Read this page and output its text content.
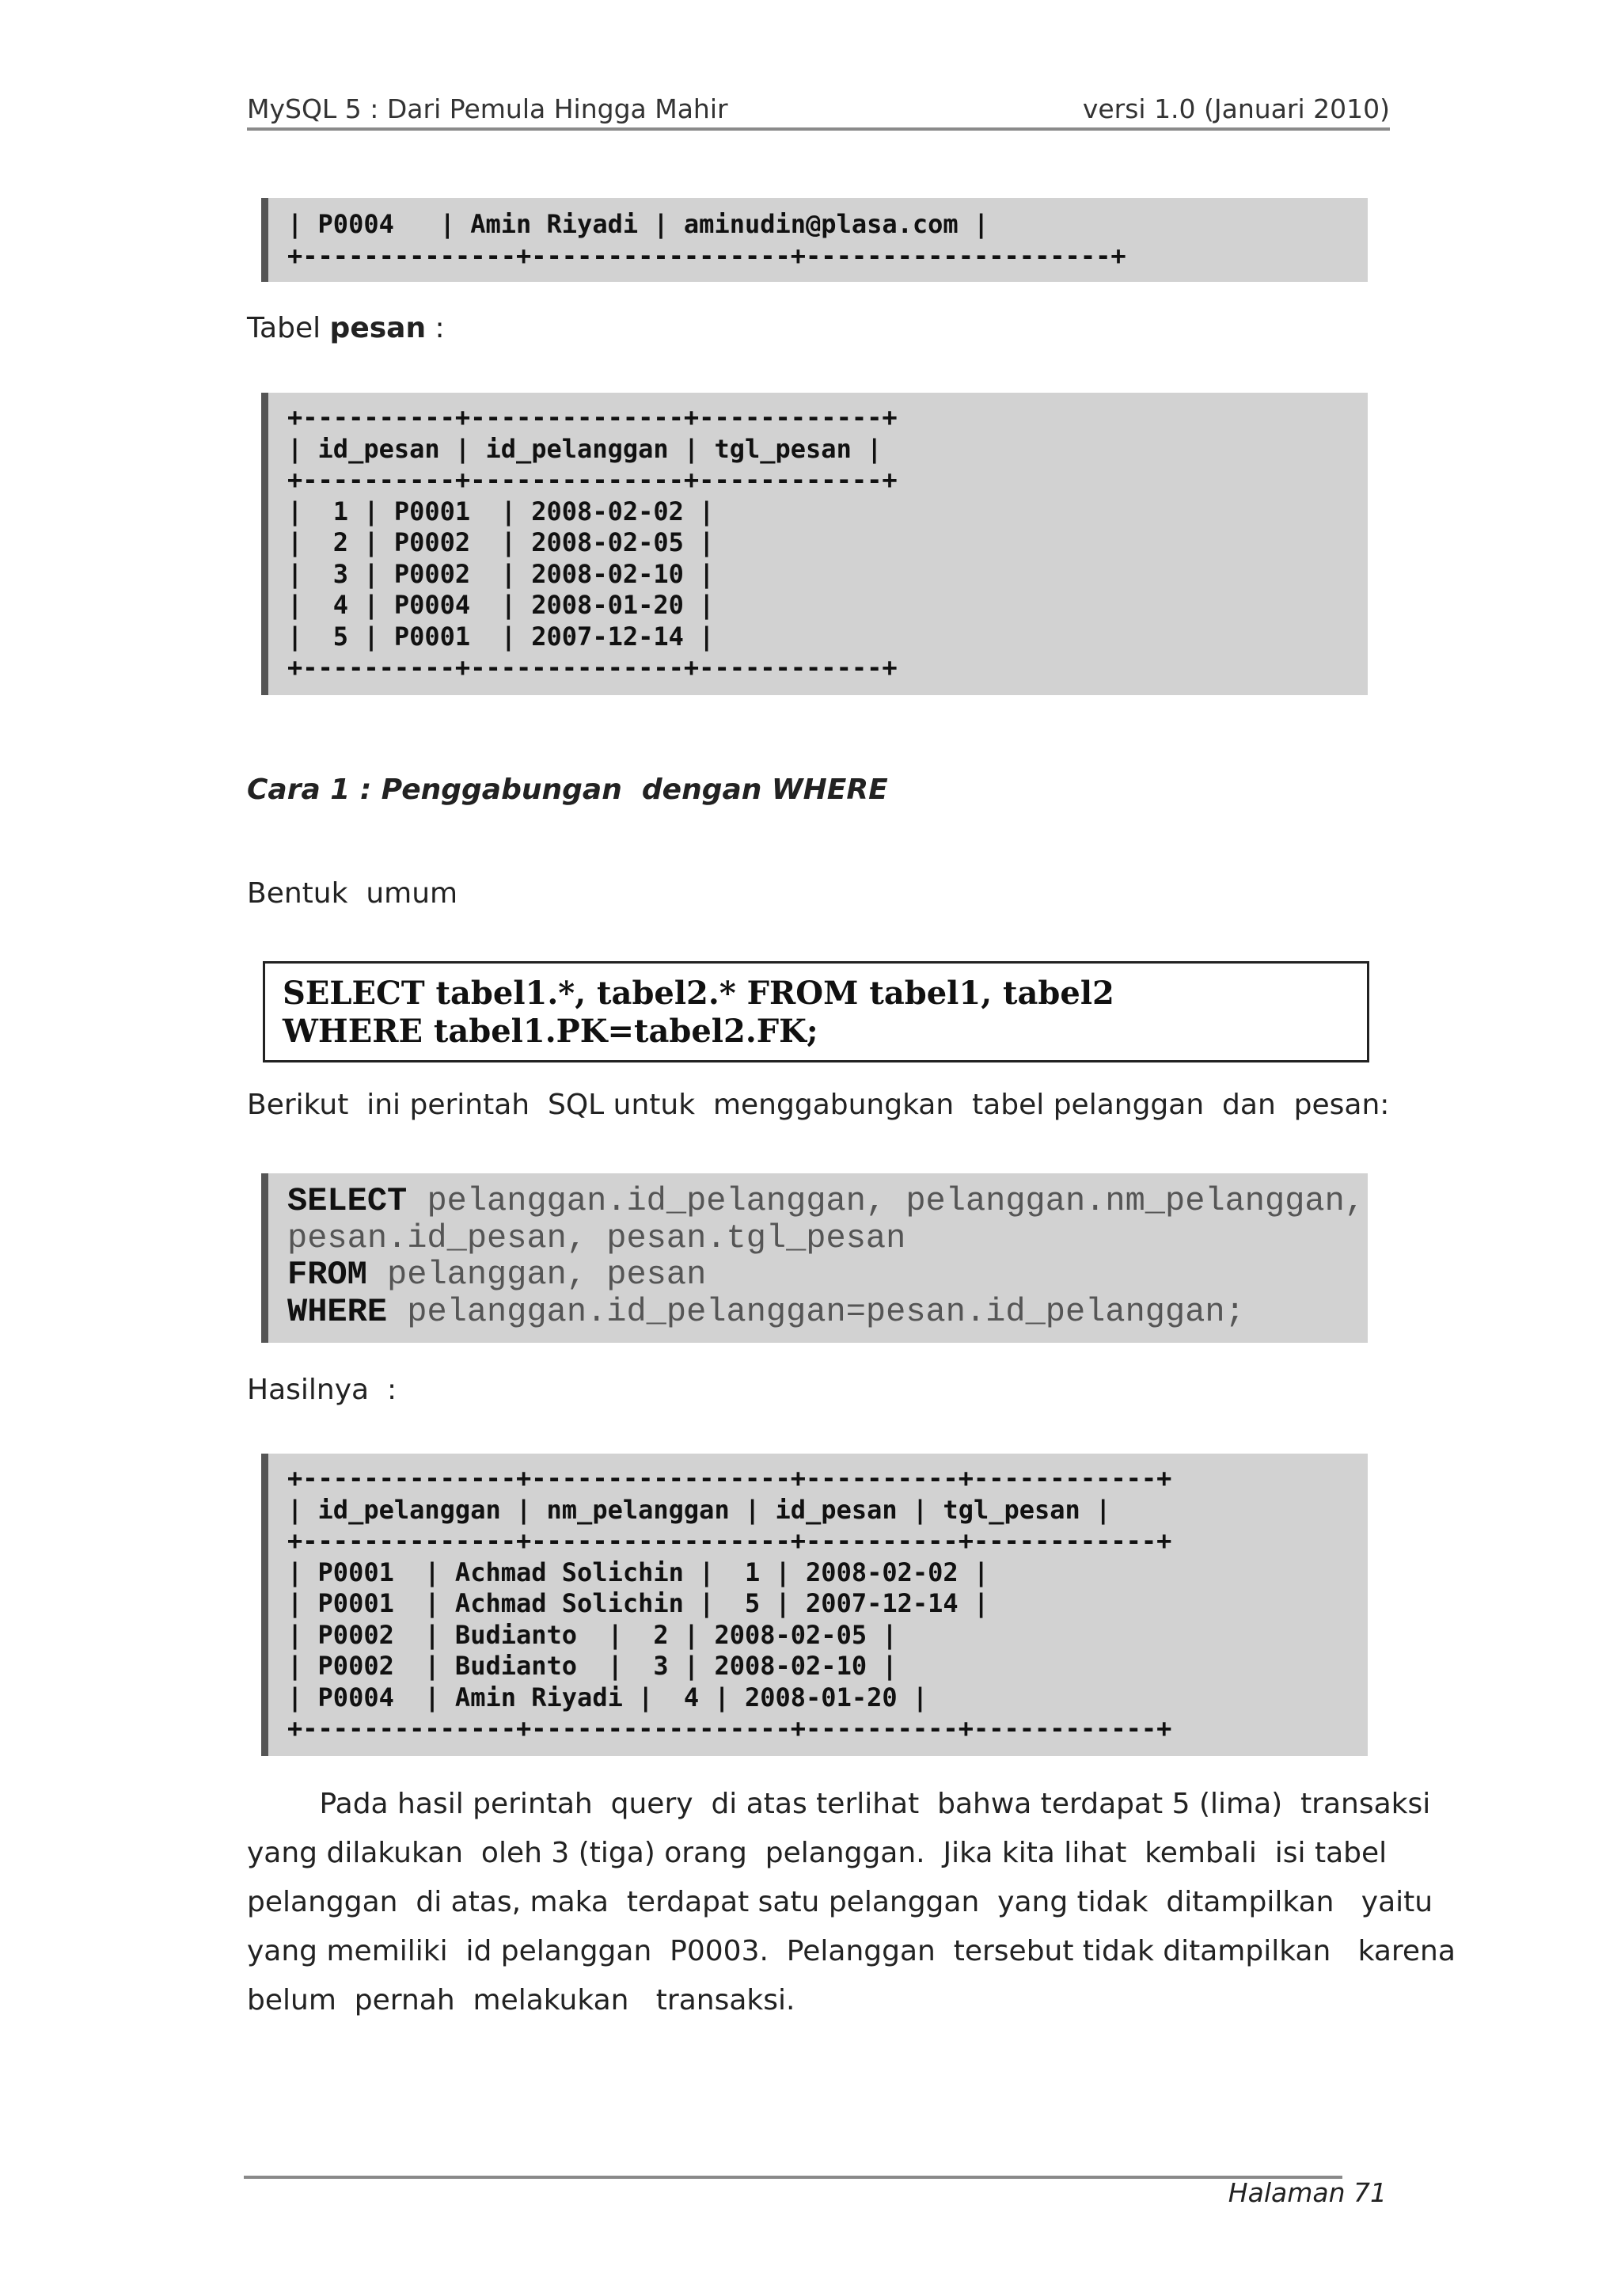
MySQL 5 : Dari Pemula Hingga Mahir	versi 1.0 (Januari 2010)
| P0004   | Amin Riyadi | aminudin@plasa.com |
+--------------+-----------------+--------------------+
Tabel pesan :
+----------+--------------+------------+
| id_pesan | id_pelanggan | tgl_pesan |
+----------+--------------+------------+
|  1 | P0001  | 2008-02-02 |
|  2 | P0002  | 2008-02-05 |
|  3 | P0002  | 2008-02-10 |
|  4 | P0004  | 2008-01-20 |
|  5 | P0001  | 2007-12-14 |
+----------+--------------+------------+
Cara 1 : Penggabungan  dengan WHERE
Bentuk  umum
SELECT tabel1.*, tabel2.* FROM tabel1, tabel2
WHERE tabel1.PK=tabel2.FK;
Berikut  ini perintah  SQL untuk  menggabungkan  tabel pelanggan  dan  pesan:
SELECT pelanggan.id_pelanggan, pelanggan.nm_pelanggan,
pesan.id_pesan, pesan.tgl_pesan
FROM pelanggan, pesan
WHERE pelanggan.id_pelanggan=pesan.id_pelanggan;
Hasilnya  :
+--------------+-----------------+----------+------------+
| id_pelanggan | nm_pelanggan | id_pesan | tgl_pesan |
+--------------+-----------------+----------+------------+
| P0001  | Achmad Solichin |  1 | 2008-02-02 |
| P0001  | Achmad Solichin |  5 | 2007-12-14 |
| P0002  | Budianto  |  2 | 2008-02-05 |
| P0002  | Budianto  |  3 | 2008-02-10 |
| P0004  | Amin Riyadi |  4 | 2008-01-20 |
+--------------+-----------------+----------+------------+
Pada hasil perintah  query  di atas terlihat  bahwa terdapat 5 (lima)  transaksi
yang dilakukan  oleh 3 (tiga) orang  pelanggan.  Jika kita lihat  kembali  isi tabel
pelanggan  di atas, maka  terdapat satu pelanggan  yang tidak  ditampilkan   yaitu
yang memiliki  id pelanggan  P0003.  Pelanggan  tersebut tidak ditampilkan   karena
belum  pernah  melakukan   transaksi.
Halaman 71
